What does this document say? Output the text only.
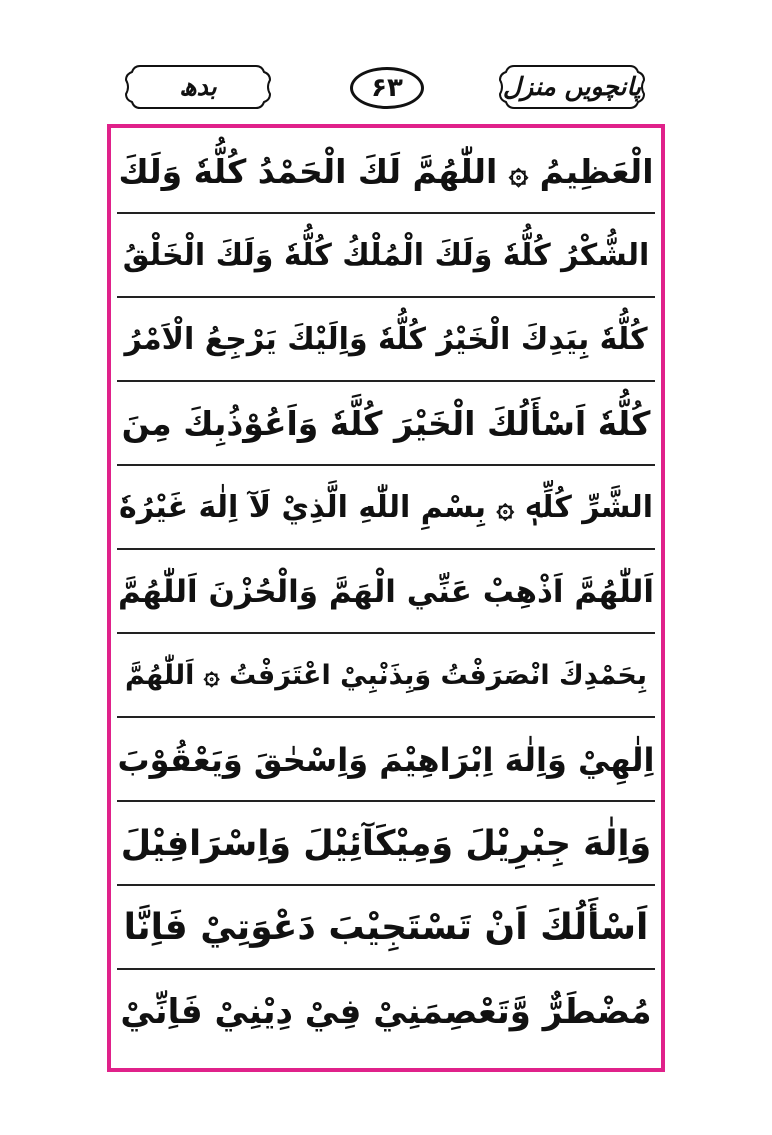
بدھ	۶۳	پانچویں منزل
الْعَظِيمُ ۞ اللّٰهُمَّ لَكَ الْحَمْدُ كُلُّهٗ وَلَكَ
الشُّكْرُ كُلُّهٗ وَلَكَ الْمُلْكُ كُلُّهٗ وَلَكَ الْخَلْقُ
كُلُّهٗ بِيَدِكَ الْخَيْرُ كُلُّهٗ وَاِلَيْكَ يَرْجِعُ الْاَمْرُ
كُلُّهٗ اَسْأَلُكَ الْخَيْرَ كُلَّهٗ وَاَعُوْذُبِكَ مِنَ
الشَّرِّ كُلِّهٖ ۞ بِسْمِ اللّٰهِ الَّذِيْ لَآ اِلٰهَ غَيْرُهٗ
اَللّٰهُمَّ اَذْهِبْ عَنِّي الْهَمَّ وَالْحُزْنَ اَللّٰهُمَّ
بِحَمْدِكَ انْصَرَفْتُ وَبِذَنْبِيْ اعْتَرَفْتُ ۞ اَللّٰهُمَّ
اِلٰهِيْ وَاِلٰهَ اِبْرَاهِيْمَ وَاِسْحٰقَ وَيَعْقُوْبَ
وَاِلٰهَ جِبْرِيْلَ وَمِيْكَآئِيْلَ وَاِسْرَافِيْلَ
اَسْأَلُكَ اَنْ تَسْتَجِيْبَ دَعْوَتِيْ فَاِنَّا
مُضْطَرٌّ وَّتَعْصِمَنِيْ فِيْ دِيْنِيْ فَاِنِّيْ
